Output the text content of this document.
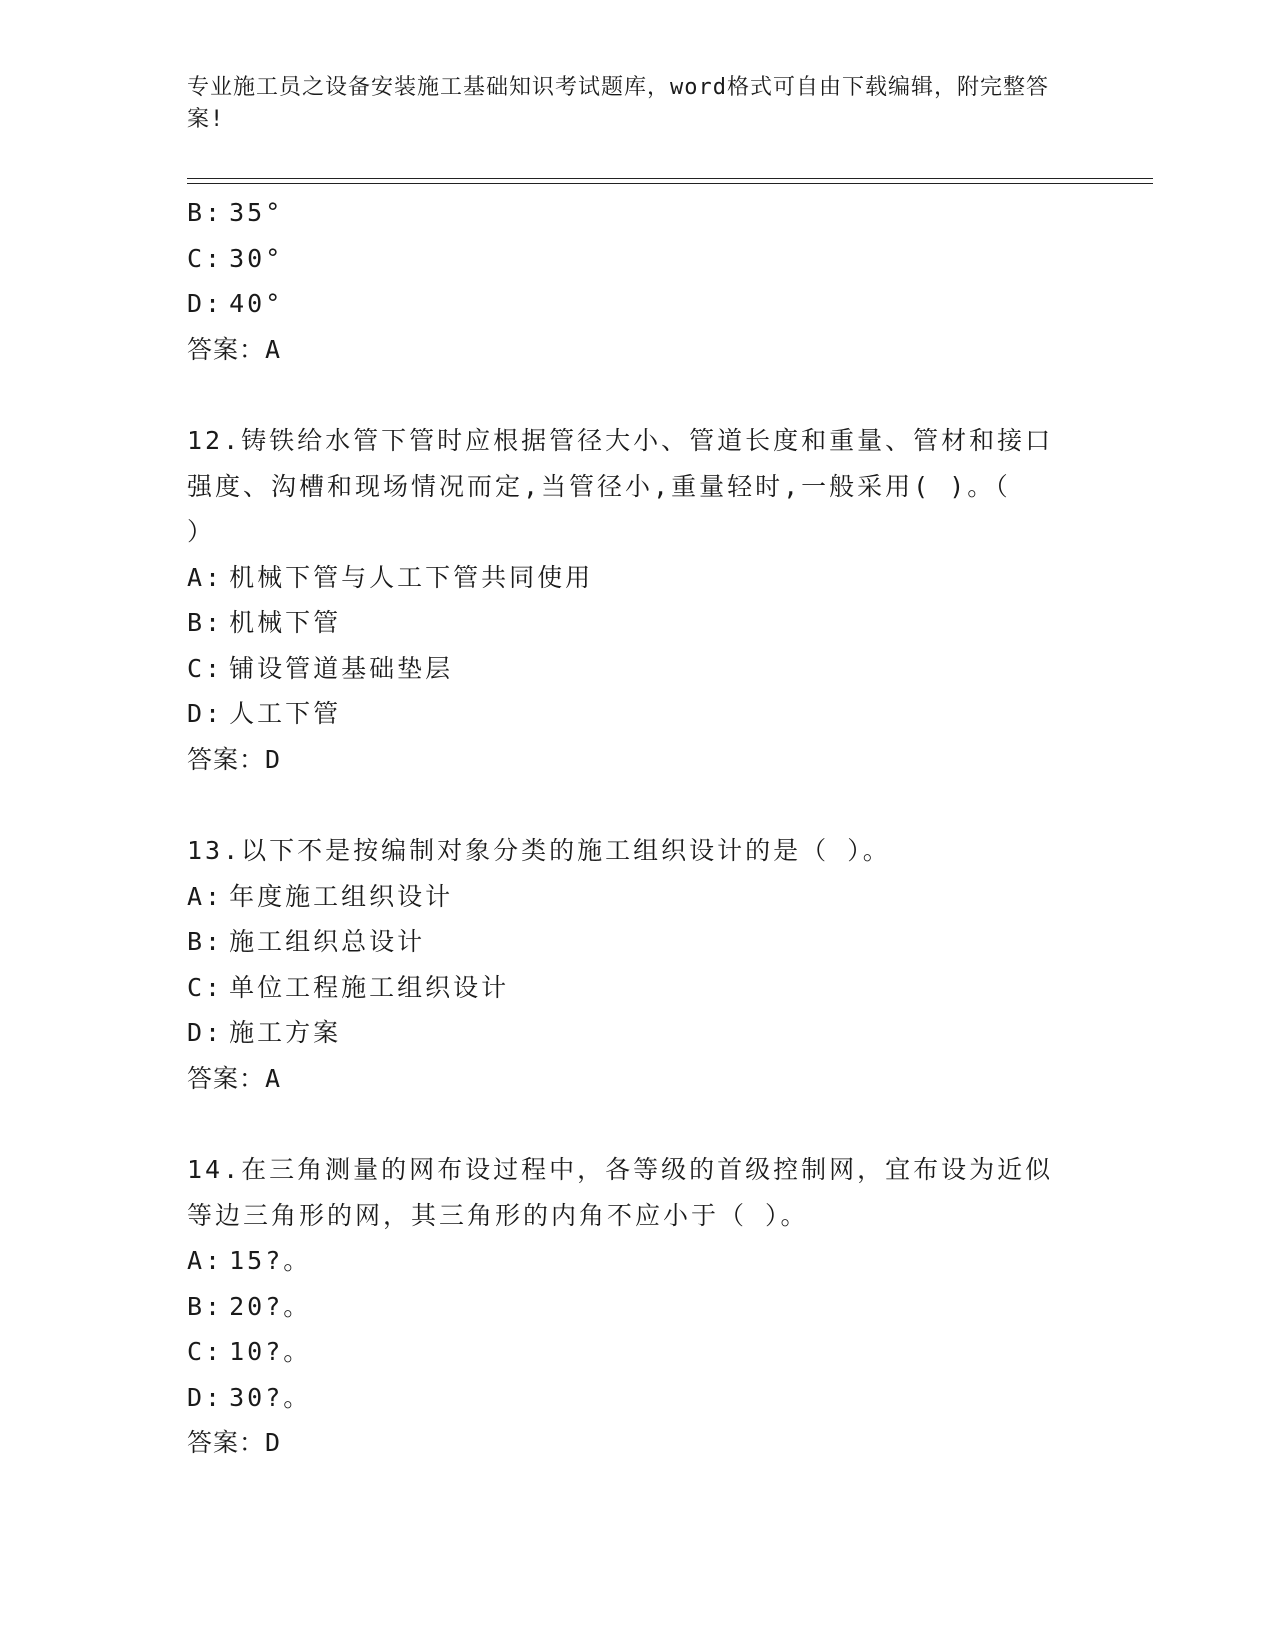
专业施工员之设备安装施工基础知识考试题库，word格式可自由下载编辑，附完整答案!
B: 35°
C: 30°
D: 40°
答案：A
12.铸铁给水管下管时应根据管径大小、管道长度和重量、管材和接口
强度、沟槽和现场情况而定,当管径小,重量轻时,一般采用( )。（
）
A: 机械下管与人工下管共同使用
B: 机械下管
C: 铺设管道基础垫层
D: 人工下管
答案：D
13.以下不是按编制对象分类的施工组织设计的是（ ）。
A: 年度施工组织设计
B: 施工组织总设计
C: 单位工程施工组织设计
D: 施工方案
答案：A
14.在三角测量的网布设过程中，各等级的首级控制网，宜布设为近似
等边三角形的网，其三角形的内角不应小于（ ）。
A: 15?。
B: 20?。
C: 10?。
D: 30?。
答案：D
